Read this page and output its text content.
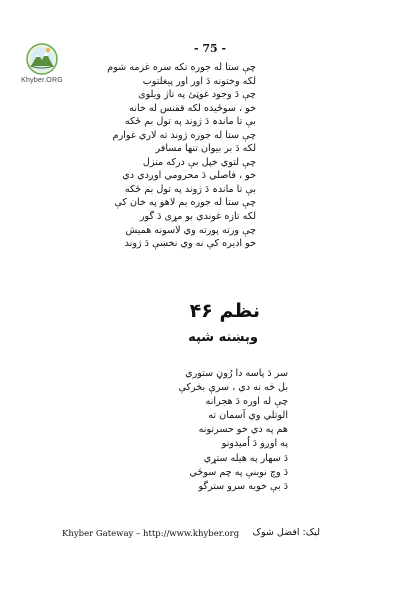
Khyber.ORG
- 75 -
چې ستا له جوره تکه سره غرمه شوم
لکه وختونه دَ اور اور پیغلتوب
چې دَ وجود غوټئ په تاژ ویلوی
خو ، سوځیده لکه ققنس له خانه
بې تا ماندہ دَ ژوند په تول بم ځکه
چې ستا له جوره ژوند ته لاري غوارم
لکه دَ بر بیوان تنها مسافر
چې لتوي خپل بې درکه منزل
خو ، فاصلي دَ محرومي اوږدي دي
بې تا ماندہ دَ ژوند په تول بم ځکه
چې ستا له جوره بم لاهو په خان کې
لکه تازه غوندي بو مړی دَ گور
چې ورته پورته وي لاسونه همیش
خو ادیره کې نه وي نخښې دَ ژوند
نظم ۴۶
وېښنه شپه
سر دَ پاسه دا رُوڼ ستوري
بل څه نه دي ، سرې بڅرکې
چې له اوره دَ هجرانه
الوتلي وي آسمان ته
هم په دي خو حسرتونه
په اوږو دَ اُمیدونو
دَ سهار په هیله ستړي
دَ وچ نوبنې په چم سوځي
دَ بې خوبه سرو سترگو
Khyber Gateway – http://www.khyber.org لیک: افضل شوک
